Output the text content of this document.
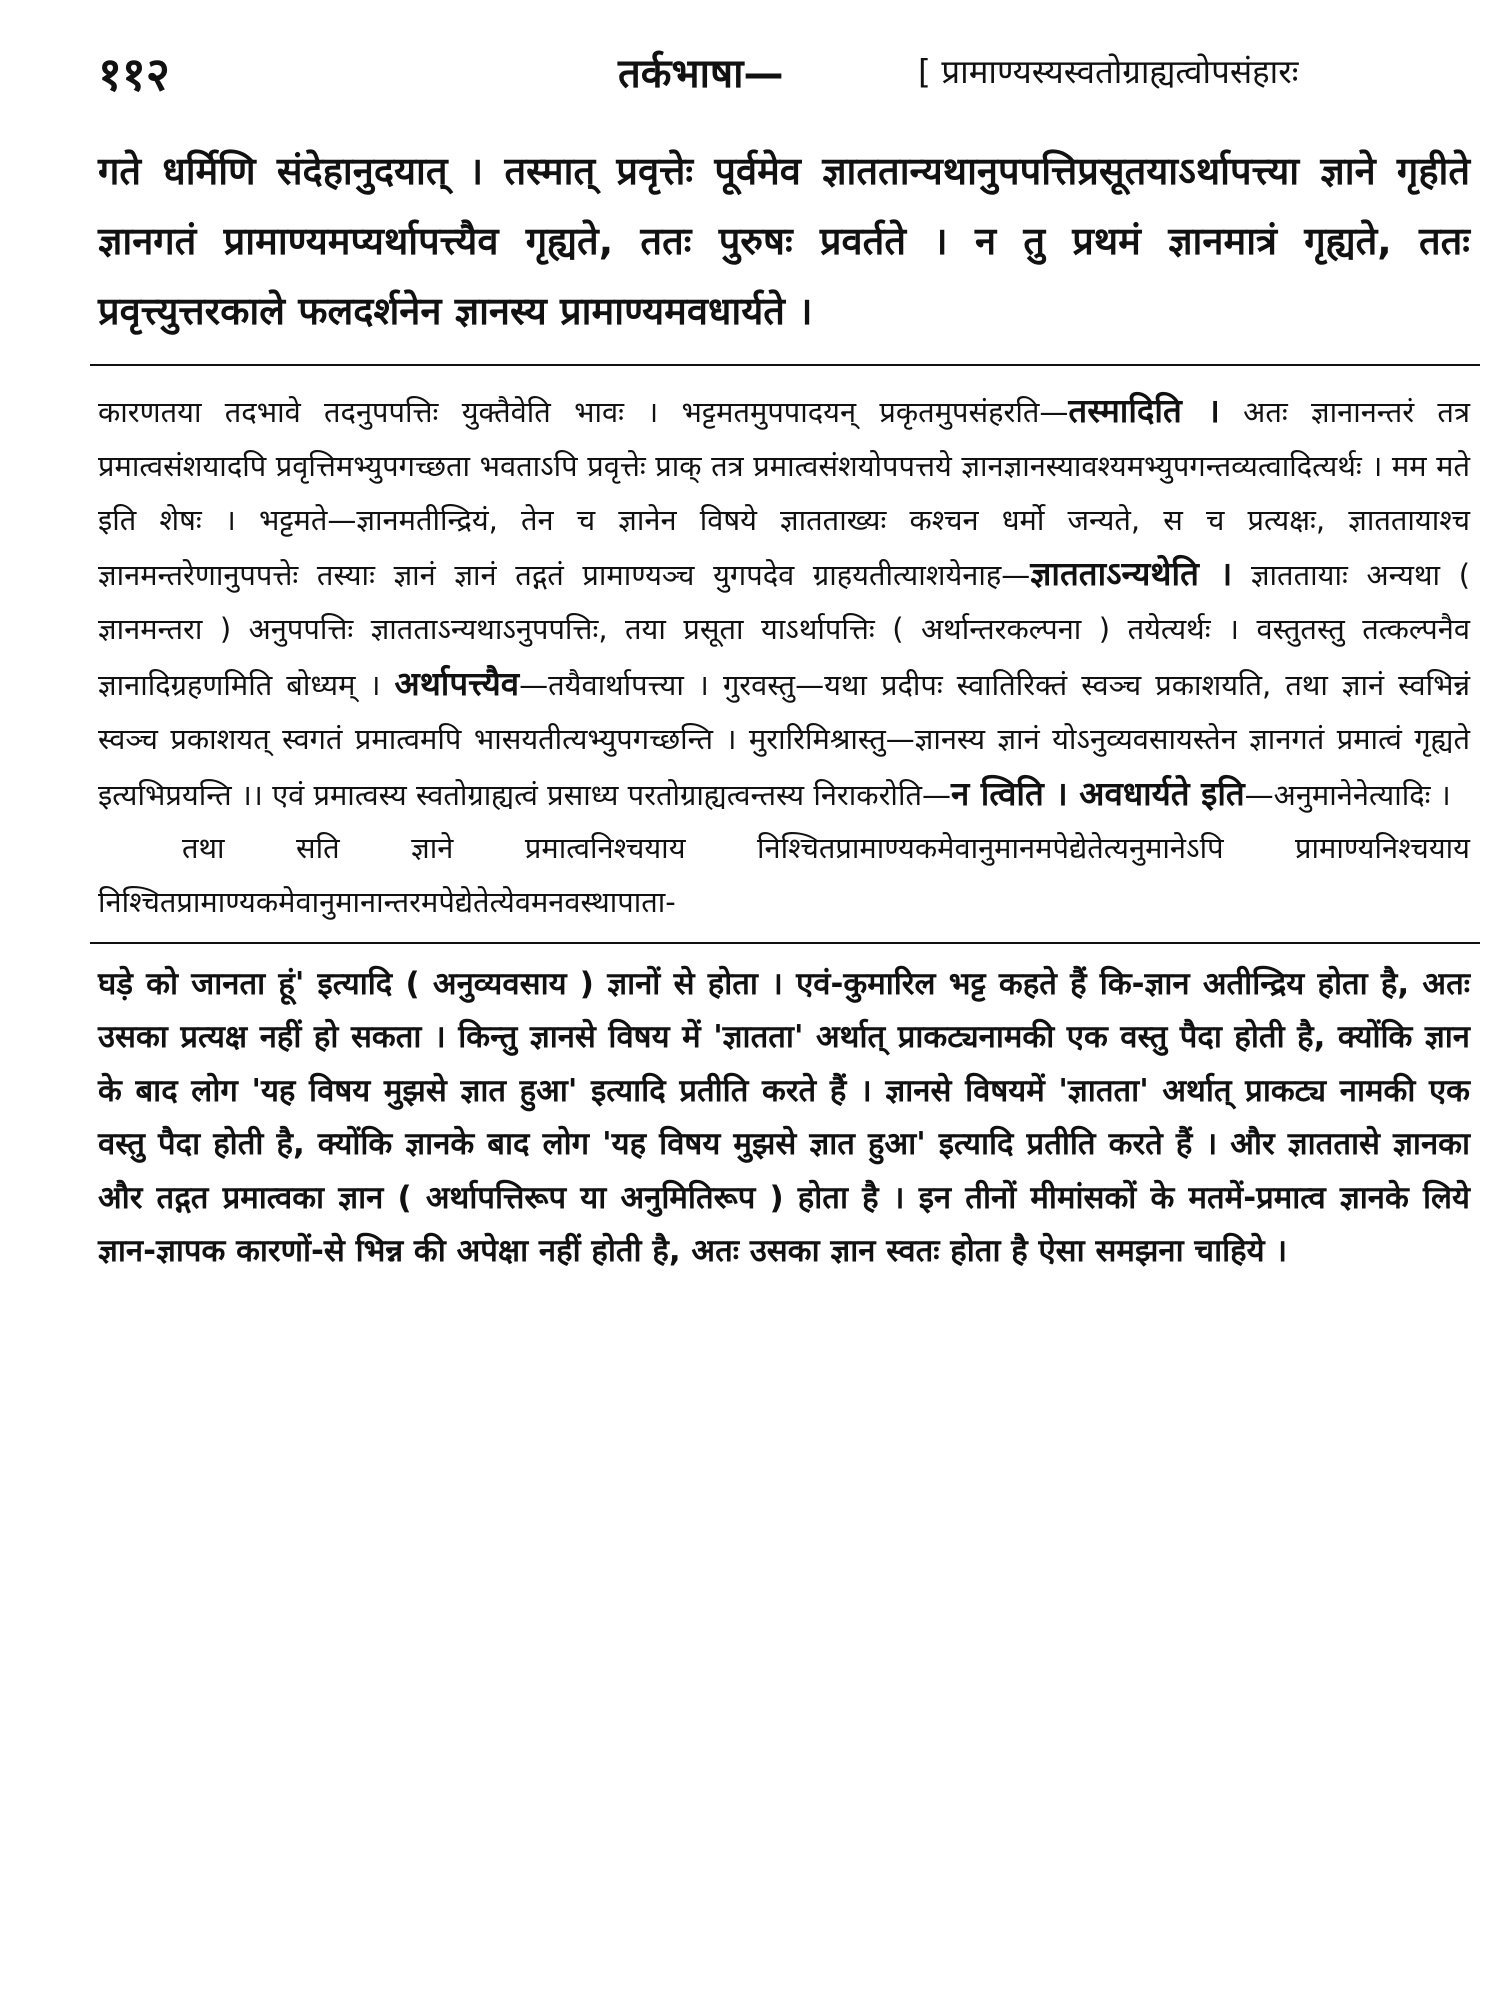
११२	तर्कभाषा—	[ प्रामाण्यस्यस्वतोग्राह्यत्वोपसंहारः

गते धर्मिणि संदेहानुदयात् । तस्मात् प्रवृत्तेः पूर्वमेव ज्ञाततान्यथानुपपत्तिप्रसूतयाऽर्थापत्त्या ज्ञाने गृहीते ज्ञानगतं प्रामाण्यमप्यर्थापत्त्यैव गृह्यते, ततः पुरुषः प्रवर्तते । न तु प्रथमं ज्ञानमात्रं गृह्यते, ततः प्रवृत्त्युत्तरकाले फलदर्शनेन ज्ञानस्य प्रामाण्यमवधार्यते ।

कारणतया तदभावे तदनुपपत्तिः युक्तैवेति भावः । भट्टमतमुपपादयन् प्रकृतमुपसंहरति—तस्मादिति । अतः ज्ञानानन्तरं तत्र प्रमात्वसंशयादपि प्रवृत्तिमभ्युपगच्छता भवताऽपि प्रवृत्तेः प्राक् तत्र प्रमात्वसंशयोपपत्तये ज्ञानज्ञानस्यावश्यमभ्युपगन्तव्यत्वादित्यर्थः । मम मते इति शेषः । भट्टमते—ज्ञानमतीन्द्रियं, तेन च ज्ञानेन विषये ज्ञातताख्यः कश्चन धर्मो जन्यते, स च प्रत्यक्षः, ज्ञाततायाश्च ज्ञानमन्तरेणानुपपत्तेः तस्याः ज्ञानं ज्ञानं तद्गतं प्रामाण्यञ्च युगपदेव ग्राहयतीत्याशयेनाह—ज्ञातताऽन्यथेति । ज्ञाततायाः अन्यथा ( ज्ञानमन्तरा ) अनुपपत्तिः ज्ञातताऽन्यथाऽनुपपत्तिः, तया प्रसूता याऽर्थापत्तिः ( अर्थान्तरकल्पना ) तयेत्यर्थः । वस्तुतस्तु तत्कल्पनैव ज्ञानादिग्रहणमिति बोध्यम् । अर्थापत्त्यैव—तयैवार्थापत्त्या । गुरवस्तु—यथा प्रदीपः स्वातिरिक्तं स्वञ्च प्रकाशयति, तथा ज्ञानं स्वभिन्नं स्वञ्च प्रकाशयत् स्वगतं प्रमात्वमपि भासयतीत्यभ्युपगच्छन्ति । मुरारिमिश्रास्तु—ज्ञानस्य ज्ञानं योऽनुव्यवसायस्तेन ज्ञानगतं प्रमात्वं गृह्यते इत्यभिप्रयन्ति ।। एवं प्रमात्वस्य स्वतोग्राह्यत्वं प्रसाध्य परतोग्राह्यत्वन्तस्य निराकरोति—न त्विति । अवधार्यते इति—अनुमानेनेत्यादिः ।

तथा सति ज्ञाने प्रमात्वनिश्चयाय निश्चितप्रामाण्यकमेवानुमानमपेद्येतेत्यनुमानेऽपि प्रामाण्यनिश्चयाय निश्चितप्रामाण्यकमेवानुमानान्तरमपेद्येतेत्येवमनवस्थापाता-

घड़े को जानता हूं' इत्यादि ( अनुव्यवसाय ) ज्ञानों से होता । एवं-कुमारिल भट्ट कहते हैं कि-ज्ञान अतीन्द्रिय होता है, अतः उसका प्रत्यक्ष नहीं हो सकता । किन्तु ज्ञानसे विषय में 'ज्ञातता' अर्थात् प्राकट्यनामकी एक वस्तु पैदा होती है, क्योंकि ज्ञान के बाद लोग 'यह विषय मुझसे ज्ञात हुआ' इत्यादि प्रतीति करते हैं । ज्ञानसे विषयमें 'ज्ञातता' अर्थात् प्राकट्य नामकी एक वस्तु पैदा होती है, क्योंकि ज्ञानके बाद लोग 'यह विषय मुझसे ज्ञात हुआ' इत्यादि प्रतीति करते हैं । और ज्ञाततासे ज्ञानका और तद्गत प्रमात्वका ज्ञान ( अर्थापत्तिरूप या अनुमितिरूप ) होता है । इन तीनों मीमांसकों के मतमें-प्रमात्व ज्ञानके लिये ज्ञान-ज्ञापक कारणों-से भिन्न की अपेक्षा नहीं होती है, अतः उसका ज्ञान स्वतः होता है ऐसा समझना चाहिये ।
